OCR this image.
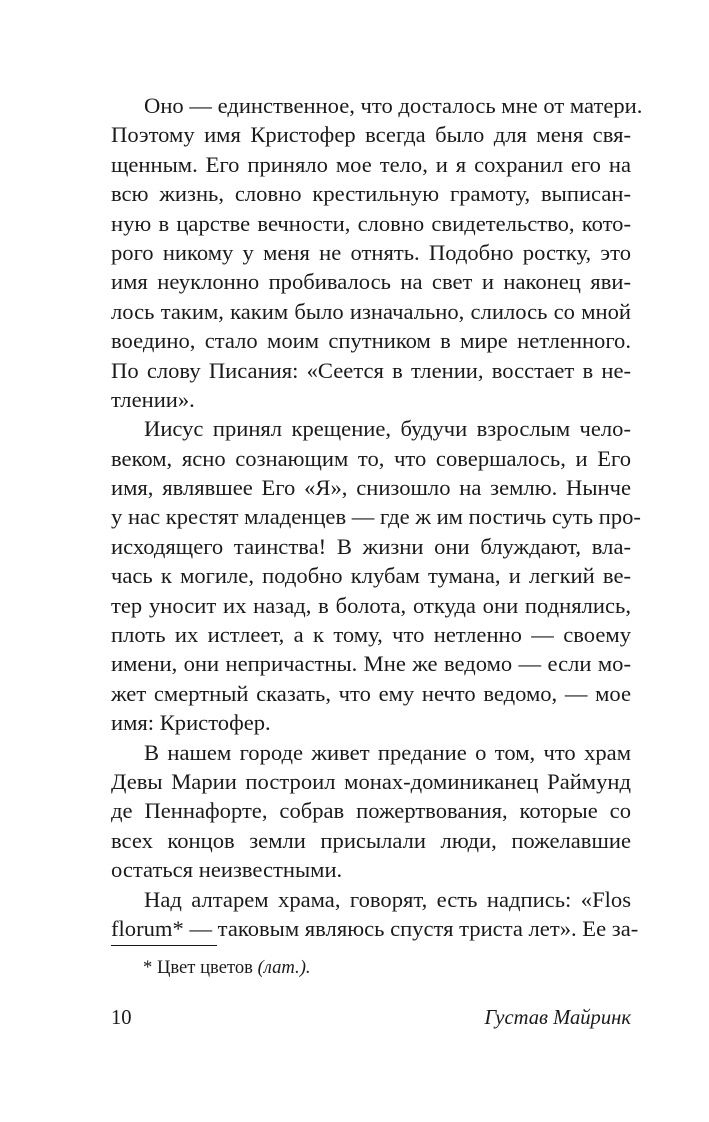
Оно — единственное, что досталось мне от матери.
Поэтому имя Кристофер всегда было для меня свя-
щенным. Его приняло мое тело, и я сохранил его на
всю жизнь, словно крестильную грамоту, выписан-
ную в царстве вечности, словно свидетельство, кото-
рого никому у меня не отнять. Подобно ростку, это
имя неуклонно пробивалось на свет и наконец яви-
лось таким, каким было изначально, слилось со мной
воедино, стало моим спутником в мире нетленного.
По слову Писания: «Сеется в тлении, восстает в не-
тлении».
Иисус принял крещение, будучи взрослым чело-
веком, ясно сознающим то, что совершалось, и Его
имя, являвшее Его «Я», снизошло на землю. Нынче
у нас крестят младенцев — где ж им постичь суть про-
исходящего таинства! В жизни они блуждают, вла-
чась к могиле, подобно клубам тумана, и легкий ве-
тер уносит их назад, в болота, откуда они поднялись,
плоть их истлеет, а к тому, что нетленно — своему
имени, они непричастны. Мне же ведомо — если мо-
жет смертный сказать, что ему нечто ведомо, — мое
имя: Кристофер.
В нашем городе живет предание о том, что храм
Девы Марии построил монах-доминиканец Раймунд
де Пеннафорте, собрав пожертвования, которые со
всех концов земли присылали люди, пожелавшие
остаться неизвестными.
Над алтарем храма, говорят, есть надпись: «Flos
florum* — таковым являюсь спустя триста лет». Ее за-
* Цвет цветов (лат.).
10	Густав Майринк
